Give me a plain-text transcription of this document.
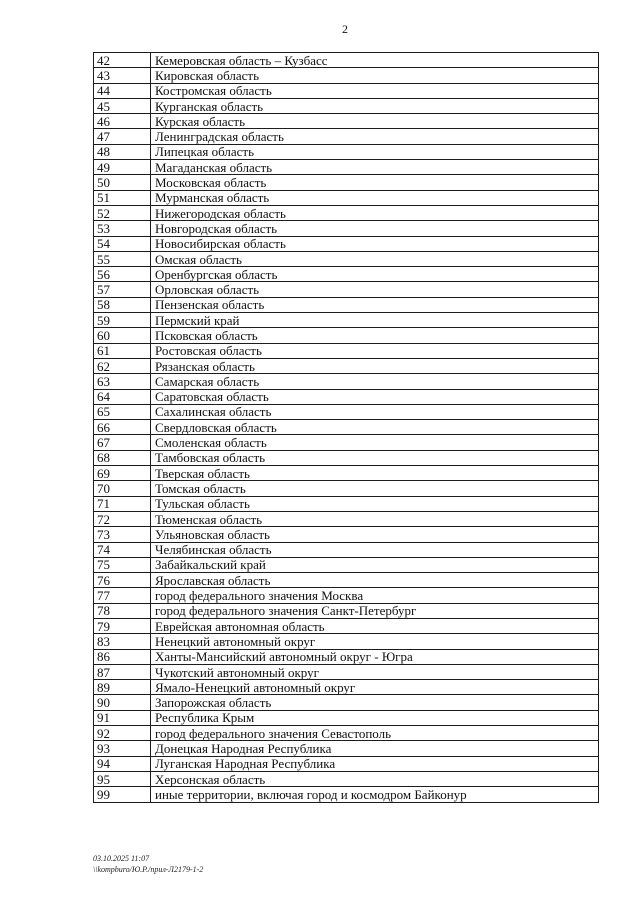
2
42	Кемеровская область – Кузбасс
43	Кировская область
44	Костромская область
45	Курганская область
46	Курская область
47	Ленинградская область
48	Липецкая область
49	Магаданская область
50	Московская область
51	Мурманская область
52	Нижегородская область
53	Новгородская область
54	Новосибирская область
55	Омская область
56	Оренбургская область
57	Орловская область
58	Пензенская область
59	Пермский край
60	Псковская область
61	Ростовская область
62	Рязанская область
63	Самарская область
64	Саратовская область
65	Сахалинская область
66	Свердловская область
67	Смоленская область
68	Тамбовская область
69	Тверская область
70	Томская область
71	Тульская область
72	Тюменская область
73	Ульяновская область
74	Челябинская область
75	Забайкальский край
76	Ярославская область
77	город федерального значения Москва
78	город федерального значения Санкт-Петербург
79	Еврейская автономная область
83	Ненецкий автономный округ
86	Ханты-Мансийский автономный округ - Югра
87	Чукотский автономный округ
89	Ямало-Ненецкий автономный округ
90	Запорожская область
91	Республика Крым
92	город федерального значения Севастополь
93	Донецкая Народная Республика
94	Луганская Народная Республика
95	Херсонская область
99	иные территории, включая город и космодром Байконур
03.10.2025 11:07
\\kompburo/Ю.Р./прил-Л2179-1-2
